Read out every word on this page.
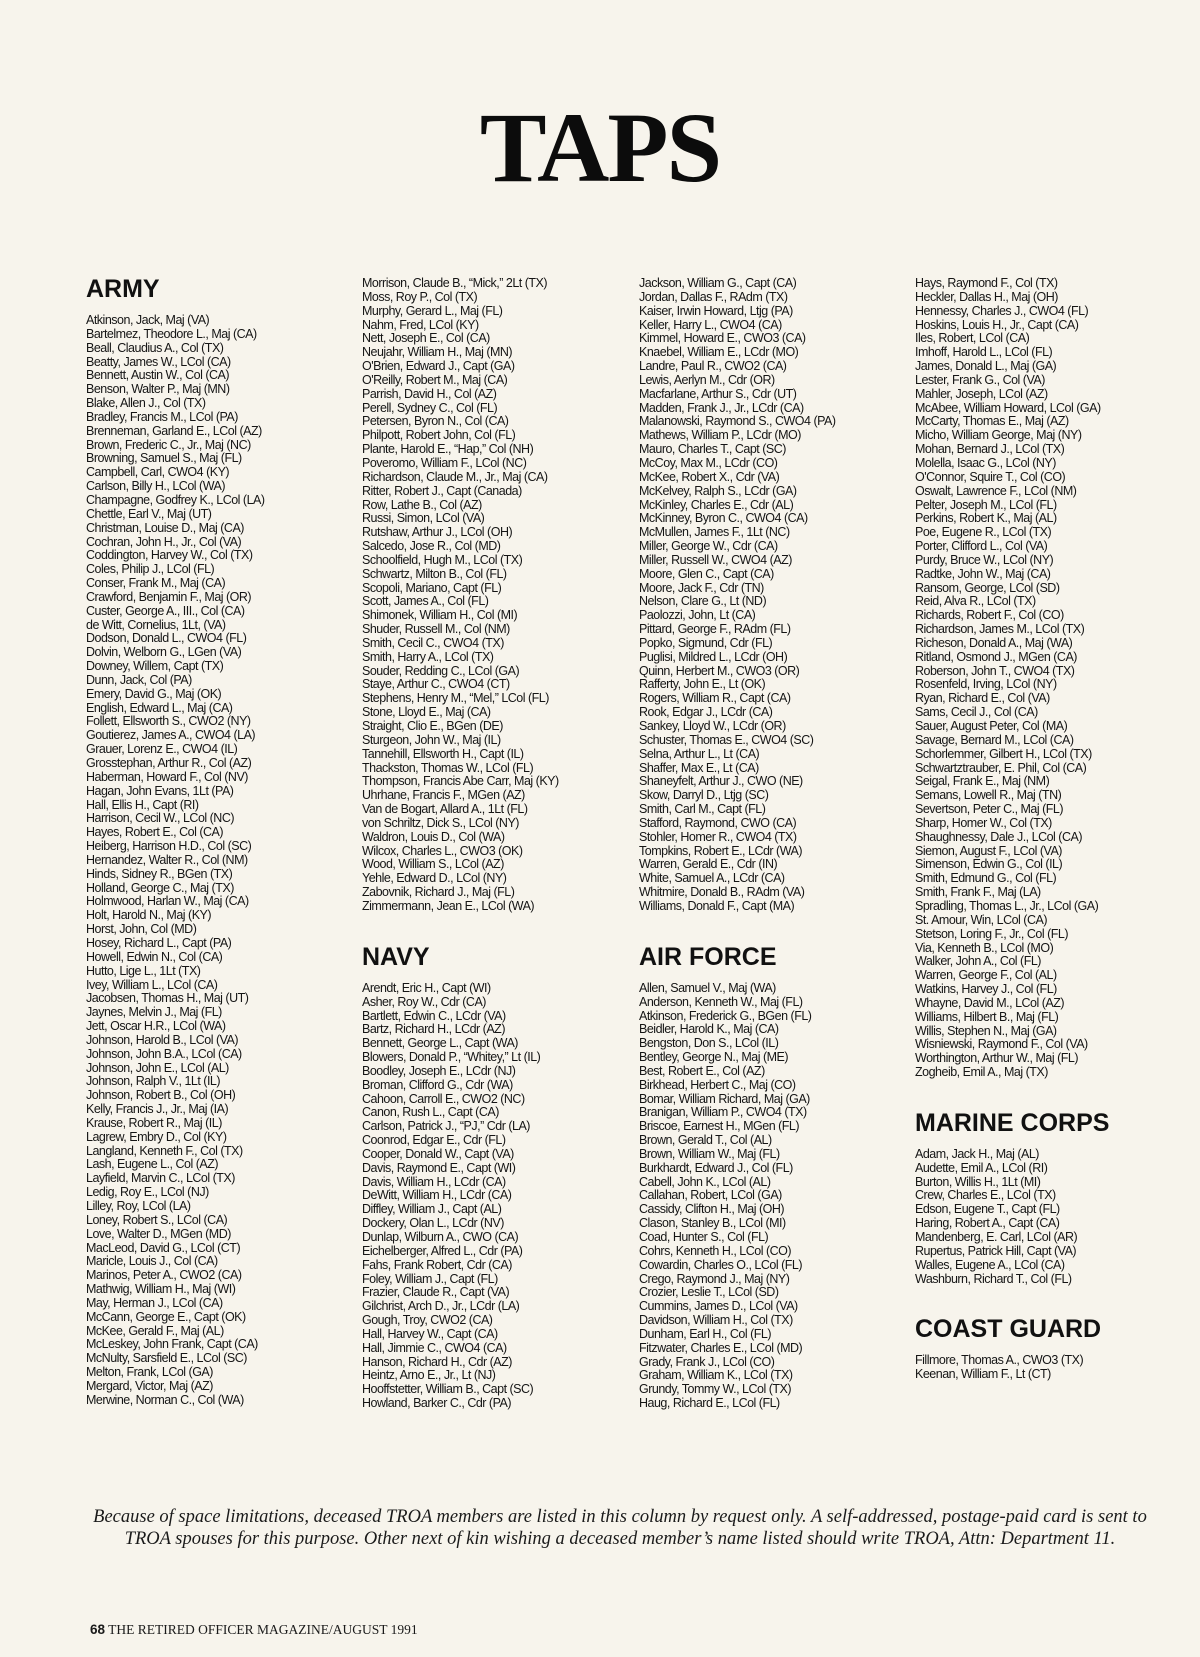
TAPS
ARMY
Atkinson, Jack, Maj (VA)
Bartelmez, Theodore L., Maj (CA)
Beall, Claudius A., Col (TX)
Beatty, James W., LCol (CA)
Bennett, Austin W., Col (CA)
Benson, Walter P., Maj (MN)
Blake, Allen J., Col (TX)
Bradley, Francis M., LCol (PA)
Brenneman, Garland E., LCol (AZ)
Brown, Frederic C., Jr., Maj (NC)
Browning, Samuel S., Maj (FL)
Campbell, Carl, CWO4 (KY)
Carlson, Billy H., LCol (WA)
Champagne, Godfrey K., LCol (LA)
Chettle, Earl V., Maj (UT)
Christman, Louise D., Maj (CA)
Cochran, John H., Jr., Col (VA)
Coddington, Harvey W., Col (TX)
Coles, Philip J., LCol (FL)
Conser, Frank M., Maj (CA)
Crawford, Benjamin F., Maj (OR)
Custer, George A., III., Col (CA)
de Witt, Cornelius, 1Lt, (VA)
Dodson, Donald L., CWO4 (FL)
Dolvin, Welborn G., LGen (VA)
Downey, Willem, Capt (TX)
Dunn, Jack, Col (PA)
Emery, David G., Maj (OK)
English, Edward L., Maj (CA)
Follett, Ellsworth S., CWO2 (NY)
Goutierez, James A., CWO4 (LA)
Grauer, Lorenz E., CWO4 (IL)
Grosstephan, Arthur R., Col (AZ)
Haberman, Howard F., Col (NV)
Hagan, John Evans, 1Lt (PA)
Hall, Ellis H., Capt (RI)
Harrison, Cecil W., LCol (NC)
Hayes, Robert E., Col (CA)
Heiberg, Harrison H.D., Col (SC)
Hernandez, Walter R., Col (NM)
Hinds, Sidney R., BGen (TX)
Holland, George C., Maj (TX)
Holmwood, Harlan W., Maj (CA)
Holt, Harold N., Maj (KY)
Horst, John, Col (MD)
Hosey, Richard L., Capt (PA)
Howell, Edwin N., Col (CA)
Hutto, Lige L., 1Lt (TX)
Ivey, William L., LCol (CA)
Jacobsen, Thomas H., Maj (UT)
Jaynes, Melvin J., Maj (FL)
Jett, Oscar H.R., LCol (WA)
Johnson, Harold B., LCol (VA)
Johnson, John B.A., LCol (CA)
Johnson, John E., LCol (AL)
Johnson, Ralph V., 1Lt (IL)
Johnson, Robert B., Col (OH)
Kelly, Francis J., Jr., Maj (IA)
Krause, Robert R., Maj (IL)
Lagrew, Embry D., Col (KY)
Langland, Kenneth F., Col (TX)
Lash, Eugene L., Col (AZ)
Layfield, Marvin C., LCol (TX)
Ledig, Roy E., LCol (NJ)
Lilley, Roy, LCol (LA)
Loney, Robert S., LCol (CA)
Love, Walter D., MGen (MD)
MacLeod, David G., LCol (CT)
Maricle, Louis J., Col (CA)
Marinos, Peter A., CWO2 (CA)
Mathwig, William H., Maj (WI)
May, Herman J., LCol (CA)
McCann, George E., Capt (OK)
McKee, Gerald F., Maj (AL)
McLeskey, John Frank, Capt (CA)
McNulty, Sarsfield E., LCol (SC)
Melton, Frank, LCol (GA)
Mergard, Victor, Maj (AZ)
Merwine, Norman C., Col (WA)
Morrison, Claude B., “Mick,” 2Lt (TX)
Moss, Roy P., Col (TX)
Murphy, Gerard L., Maj (FL)
Nahm, Fred, LCol (KY)
Nett, Joseph E., Col (CA)
Neujahr, William H., Maj (MN)
O'Brien, Edward J., Capt (GA)
O'Reilly, Robert M., Maj (CA)
Parrish, David H., Col (AZ)
Perell, Sydney C., Col (FL)
Petersen, Byron N., Col (CA)
Philpott, Robert John, Col (FL)
Plante, Harold E., “Hap,” Col (NH)
Poveromo, William F., LCol (NC)
Richardson, Claude M., Jr., Maj (CA)
Ritter, Robert J., Capt (Canada)
Row, Lathe B., Col (AZ)
Russi, Simon, LCol (VA)
Rutshaw, Arthur J., LCol (OH)
Salcedo, Jose R., Col (MD)
Schoolfield, Hugh M., LCol (TX)
Schwartz, Milton B., Col (FL)
Scopoli, Mariano, Capt (FL)
Scott, James A., Col (FL)
Shimonek, William H., Col (MI)
Shuder, Russell M., Col (NM)
Smith, Cecil C., CWO4 (TX)
Smith, Harry A., LCol (TX)
Souder, Redding C., LCol (GA)
Staye, Arthur C., CWO4 (CT)
Stephens, Henry M., “Mel,” LCol (FL)
Stone, Lloyd E., Maj (CA)
Straight, Clio E., BGen (DE)
Sturgeon, John W., Maj (IL)
Tannehill, Ellsworth H., Capt (IL)
Thackston, Thomas W., LCol (FL)
Thompson, Francis Abe Carr, Maj (KY)
Uhrhane, Francis F., MGen (AZ)
Van de Bogart, Allard A., 1Lt (FL)
von Schriltz, Dick S., LCol (NY)
Waldron, Louis D., Col (WA)
Wilcox, Charles L., CWO3 (OK)
Wood, William S., LCol (AZ)
Yehle, Edward D., LCol (NY)
Zabovnik, Richard J., Maj (FL)
Zimmermann, Jean E., LCol (WA)
NAVY
Arendt, Eric H., Capt (WI)
Asher, Roy W., Cdr (CA)
Bartlett, Edwin C., LCdr (VA)
Bartz, Richard H., LCdr (AZ)
Bennett, George L., Capt (WA)
Blowers, Donald P., “Whitey,” Lt (IL)
Boodley, Joseph E., LCdr (NJ)
Broman, Clifford G., Cdr (WA)
Cahoon, Carroll E., CWO2 (NC)
Canon, Rush L., Capt (CA)
Carlson, Patrick J., “PJ,” Cdr (LA)
Coonrod, Edgar E., Cdr (FL)
Cooper, Donald W., Capt (VA)
Davis, Raymond E., Capt (WI)
Davis, William H., LCdr (CA)
DeWitt, William H., LCdr (CA)
Diffley, William J., Capt (AL)
Dockery, Olan L., LCdr (NV)
Dunlap, Wilburn A., CWO (CA)
Eichelberger, Alfred L., Cdr (PA)
Fahs, Frank Robert, Cdr (CA)
Foley, William J., Capt (FL)
Frazier, Claude R., Capt (VA)
Gilchrist, Arch D., Jr., LCdr (LA)
Gough, Troy, CWO2 (CA)
Hall, Harvey W., Capt (CA)
Hall, Jimmie C., CWO4 (CA)
Hanson, Richard H., Cdr (AZ)
Heintz, Arno E., Jr., Lt (NJ)
Hooffstetter, William B., Capt (SC)
Howland, Barker C., Cdr (PA)
Jackson, William G., Capt (CA)
Jordan, Dallas F., RAdm (TX)
Kaiser, Irwin Howard, Ltjg (PA)
Keller, Harry L., CWO4 (CA)
Kimmel, Howard E., CWO3 (CA)
Knaebel, William E., LCdr (MO)
Landre, Paul R., CWO2 (CA)
Lewis, Aerlyn M., Cdr (OR)
Macfarlane, Arthur S., Cdr (UT)
Madden, Frank J., Jr., LCdr (CA)
Malanowski, Raymond S., CWO4 (PA)
Mathews, William P., LCdr (MO)
Mauro, Charles T., Capt (SC)
McCoy, Max M., LCdr (CO)
McKee, Robert X., Cdr (VA)
McKelvey, Ralph S., LCdr (GA)
McKinley, Charles E., Cdr (AL)
McKinney, Byron C., CWO4 (CA)
McMullen, James F., 1Lt (NC)
Miller, George W., Cdr (CA)
Miller, Russell W., CWO4 (AZ)
Moore, Glen C., Capt (CA)
Moore, Jack F., Cdr (TN)
Nelson, Clare G., Lt (ND)
Paolozzi, John, Lt (CA)
Pittard, George F., RAdm (FL)
Popko, Sigmund, Cdr (FL)
Puglisi, Mildred L., LCdr (OH)
Quinn, Herbert M., CWO3 (OR)
Rafferty, John E., Lt (OK)
Rogers, William R., Capt (CA)
Rook, Edgar J., LCdr (CA)
Sankey, Lloyd W., LCdr (OR)
Schuster, Thomas E., CWO4 (SC)
Selna, Arthur L., Lt (CA)
Shaffer, Max E., Lt (CA)
Shaneyfelt, Arthur J., CWO (NE)
Skow, Darryl D., Ltjg (SC)
Smith, Carl M., Capt (FL)
Stafford, Raymond, CWO (CA)
Stohler, Homer R., CWO4 (TX)
Tompkins, Robert E., LCdr (WA)
Warren, Gerald E., Cdr (IN)
White, Samuel A., LCdr (CA)
Whitmire, Donald B., RAdm (VA)
Williams, Donald F., Capt (MA)
AIR FORCE
Allen, Samuel V., Maj (WA)
Anderson, Kenneth W., Maj (FL)
Atkinson, Frederick G., BGen (FL)
Beidler, Harold K., Maj (CA)
Bengston, Don S., LCol (IL)
Bentley, George N., Maj (ME)
Best, Robert E., Col (AZ)
Birkhead, Herbert C., Maj (CO)
Bomar, William Richard, Maj (GA)
Branigan, William P., CWO4 (TX)
Briscoe, Earnest H., MGen (FL)
Brown, Gerald T., Col (AL)
Brown, William W., Maj (FL)
Burkhardt, Edward J., Col (FL)
Cabell, John K., LCol (AL)
Callahan, Robert, LCol (GA)
Cassidy, Clifton H., Maj (OH)
Clason, Stanley B., LCol (MI)
Coad, Hunter S., Col (FL)
Cohrs, Kenneth H., LCol (CO)
Cowardin, Charles O., LCol (FL)
Crego, Raymond J., Maj (NY)
Crozier, Leslie T., LCol (SD)
Cummins, James D., LCol (VA)
Davidson, William H., Col (TX)
Dunham, Earl H., Col (FL)
Fitzwater, Charles E., LCol (MD)
Grady, Frank J., LCol (CO)
Graham, William K., LCol (TX)
Grundy, Tommy W., LCol (TX)
Haug, Richard E., LCol (FL)
Hays, Raymond F., Col (TX)
Heckler, Dallas H., Maj (OH)
Hennessy, Charles J., CWO4 (FL)
Hoskins, Louis H., Jr., Capt (CA)
Iles, Robert, LCol (CA)
Imhoff, Harold L., LCol (FL)
James, Donald L., Maj (GA)
Lester, Frank G., Col (VA)
Mahler, Joseph, LCol (AZ)
McAbee, William Howard, LCol (GA)
McCarty, Thomas E., Maj (AZ)
Micho, William George, Maj (NY)
Mohan, Bernard J., LCol (TX)
Molella, Isaac G., LCol (NY)
O'Connor, Squire T., Col (CO)
Oswalt, Lawrence F., LCol (NM)
Pelter, Joseph M., LCol (FL)
Perkins, Robert K., Maj (AL)
Poe, Eugene R., LCol (TX)
Porter, Clifford L., Col (VA)
Purdy, Bruce W., LCol (NY)
Radtke, John W., Maj (CA)
Ransom, George, LCol (SD)
Reid, Alva R., LCol (TX)
Richards, Robert F., Col (CO)
Richardson, James M., LCol (TX)
Richeson, Donald A., Maj (WA)
Ritland, Osmond J., MGen (CA)
Roberson, John T., CWO4 (TX)
Rosenfeld, Irving, LCol (NY)
Ryan, Richard E., Col (VA)
Sams, Cecil J., Col (CA)
Sauer, August Peter, Col (MA)
Savage, Bernard M., LCol (CA)
Schorlemmer, Gilbert H., LCol (TX)
Schwartztrauber, E. Phil, Col (CA)
Seigal, Frank E., Maj (NM)
Semans, Lowell R., Maj (TN)
Severtson, Peter C., Maj (FL)
Sharp, Homer W., Col (TX)
Shaughnessy, Dale J., LCol (CA)
Siemon, August F., LCol (VA)
Simenson, Edwin G., Col (IL)
Smith, Edmund G., Col (FL)
Smith, Frank F., Maj (LA)
Spradling, Thomas L., Jr., LCol (GA)
St. Amour, Win, LCol (CA)
Stetson, Loring F., Jr., Col (FL)
Via, Kenneth B., LCol (MO)
Walker, John A., Col (FL)
Warren, George F., Col (AL)
Watkins, Harvey J., Col (FL)
Whayne, David M., LCol (AZ)
Williams, Hilbert B., Maj (FL)
Willis, Stephen N., Maj (GA)
Wisniewski, Raymond F., Col (VA)
Worthington, Arthur W., Maj (FL)
Zogheib, Emil A., Maj (TX)
MARINE CORPS
Adam, Jack H., Maj (AL)
Audette, Emil A., LCol (RI)
Burton, Willis H., 1Lt (MI)
Crew, Charles E., LCol (TX)
Edson, Eugene T., Capt (FL)
Haring, Robert A., Capt (CA)
Mandenberg, E. Carl, LCol (AR)
Rupertus, Patrick Hill, Capt (VA)
Walles, Eugene A., LCol (CA)
Washburn, Richard T., Col (FL)
COAST GUARD
Fillmore, Thomas A., CWO3 (TX)
Keenan, William F., Lt (CT)
Because of space limitations, deceased TROA members are listed in this column by request only. A self-addressed, postage-paid card is sent to TROA spouses for this purpose. Other next of kin wishing a deceased member’s name listed should write TROA, Attn: Department 11.
68 THE RETIRED OFFICER MAGAZINE/AUGUST 1991
